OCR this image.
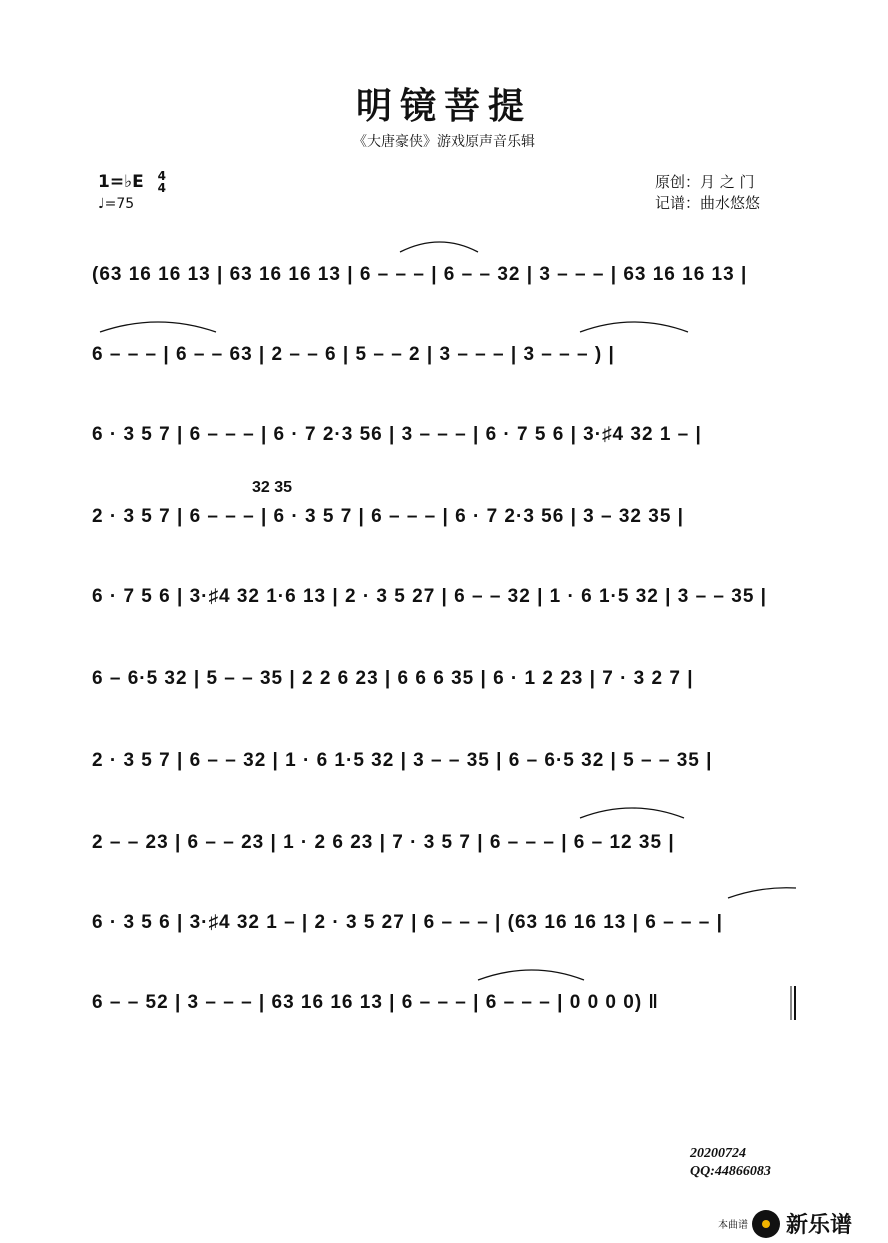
明镜菩提
《大唐豪侠》游戏原声音乐辑
1=♭E 4
4
♩=75
原创：月 之 门
记谱：曲水悠悠
(63 16 16 13 | 63 16 16 13 | 6 – – – | 6 – – 32 | 3 – – – | 63 16 16 13 |
6 – – – | 6 – – 63 | 2 – – 6 | 5 – – 2 | 3 – – – | 3 – – – ) |
6 · 3 5 7 | 6 – – – | 6 · 7 2·3 56 | 3 – – – | 6 · 7 5 6 | 3·♯4 32 1 – |
2 · 3 5 7 | 6 – – – | 6 · 3 5 7 | 6 – – – | 6 · 7 2·3 56 | 3 – 32 35 |
6 · 7 5 6 | 3·♯4 32 1·6 13 | 2 · 3 5 27 | 6 – – 32 | 1 · 6 1·5 32 | 3 – – 35 |
6 – 6·5 32 | 5 – – 35 | 2 2 6 23 | 6 6 6 35 | 6 · 1 2 23 | 7 · 3 2 7 |
2 · 3 5 7 | 6 – – 32 | 1 · 6 1·5 32 | 3 – – 35 | 6 – 6·5 32 | 5 – – 35 |
2 – – 23 | 6 – – 23 | 1 · 2 6 23 | 7 · 3 5 7 | 6 – – – | 6 – 12 35 |
6 · 3 5 6 | 3·♯4 32 1 – | 2 · 3 5 27 | 6 – – – | (63 16 16 13 | 6 – – – |
6 – – 52 | 3 – – – | 63 16 16 13 | 6 – – – | 6 – – – | 0 0 0 0) ‖
32 35
20200724
QQ:44866083
本曲谱 新乐谱
